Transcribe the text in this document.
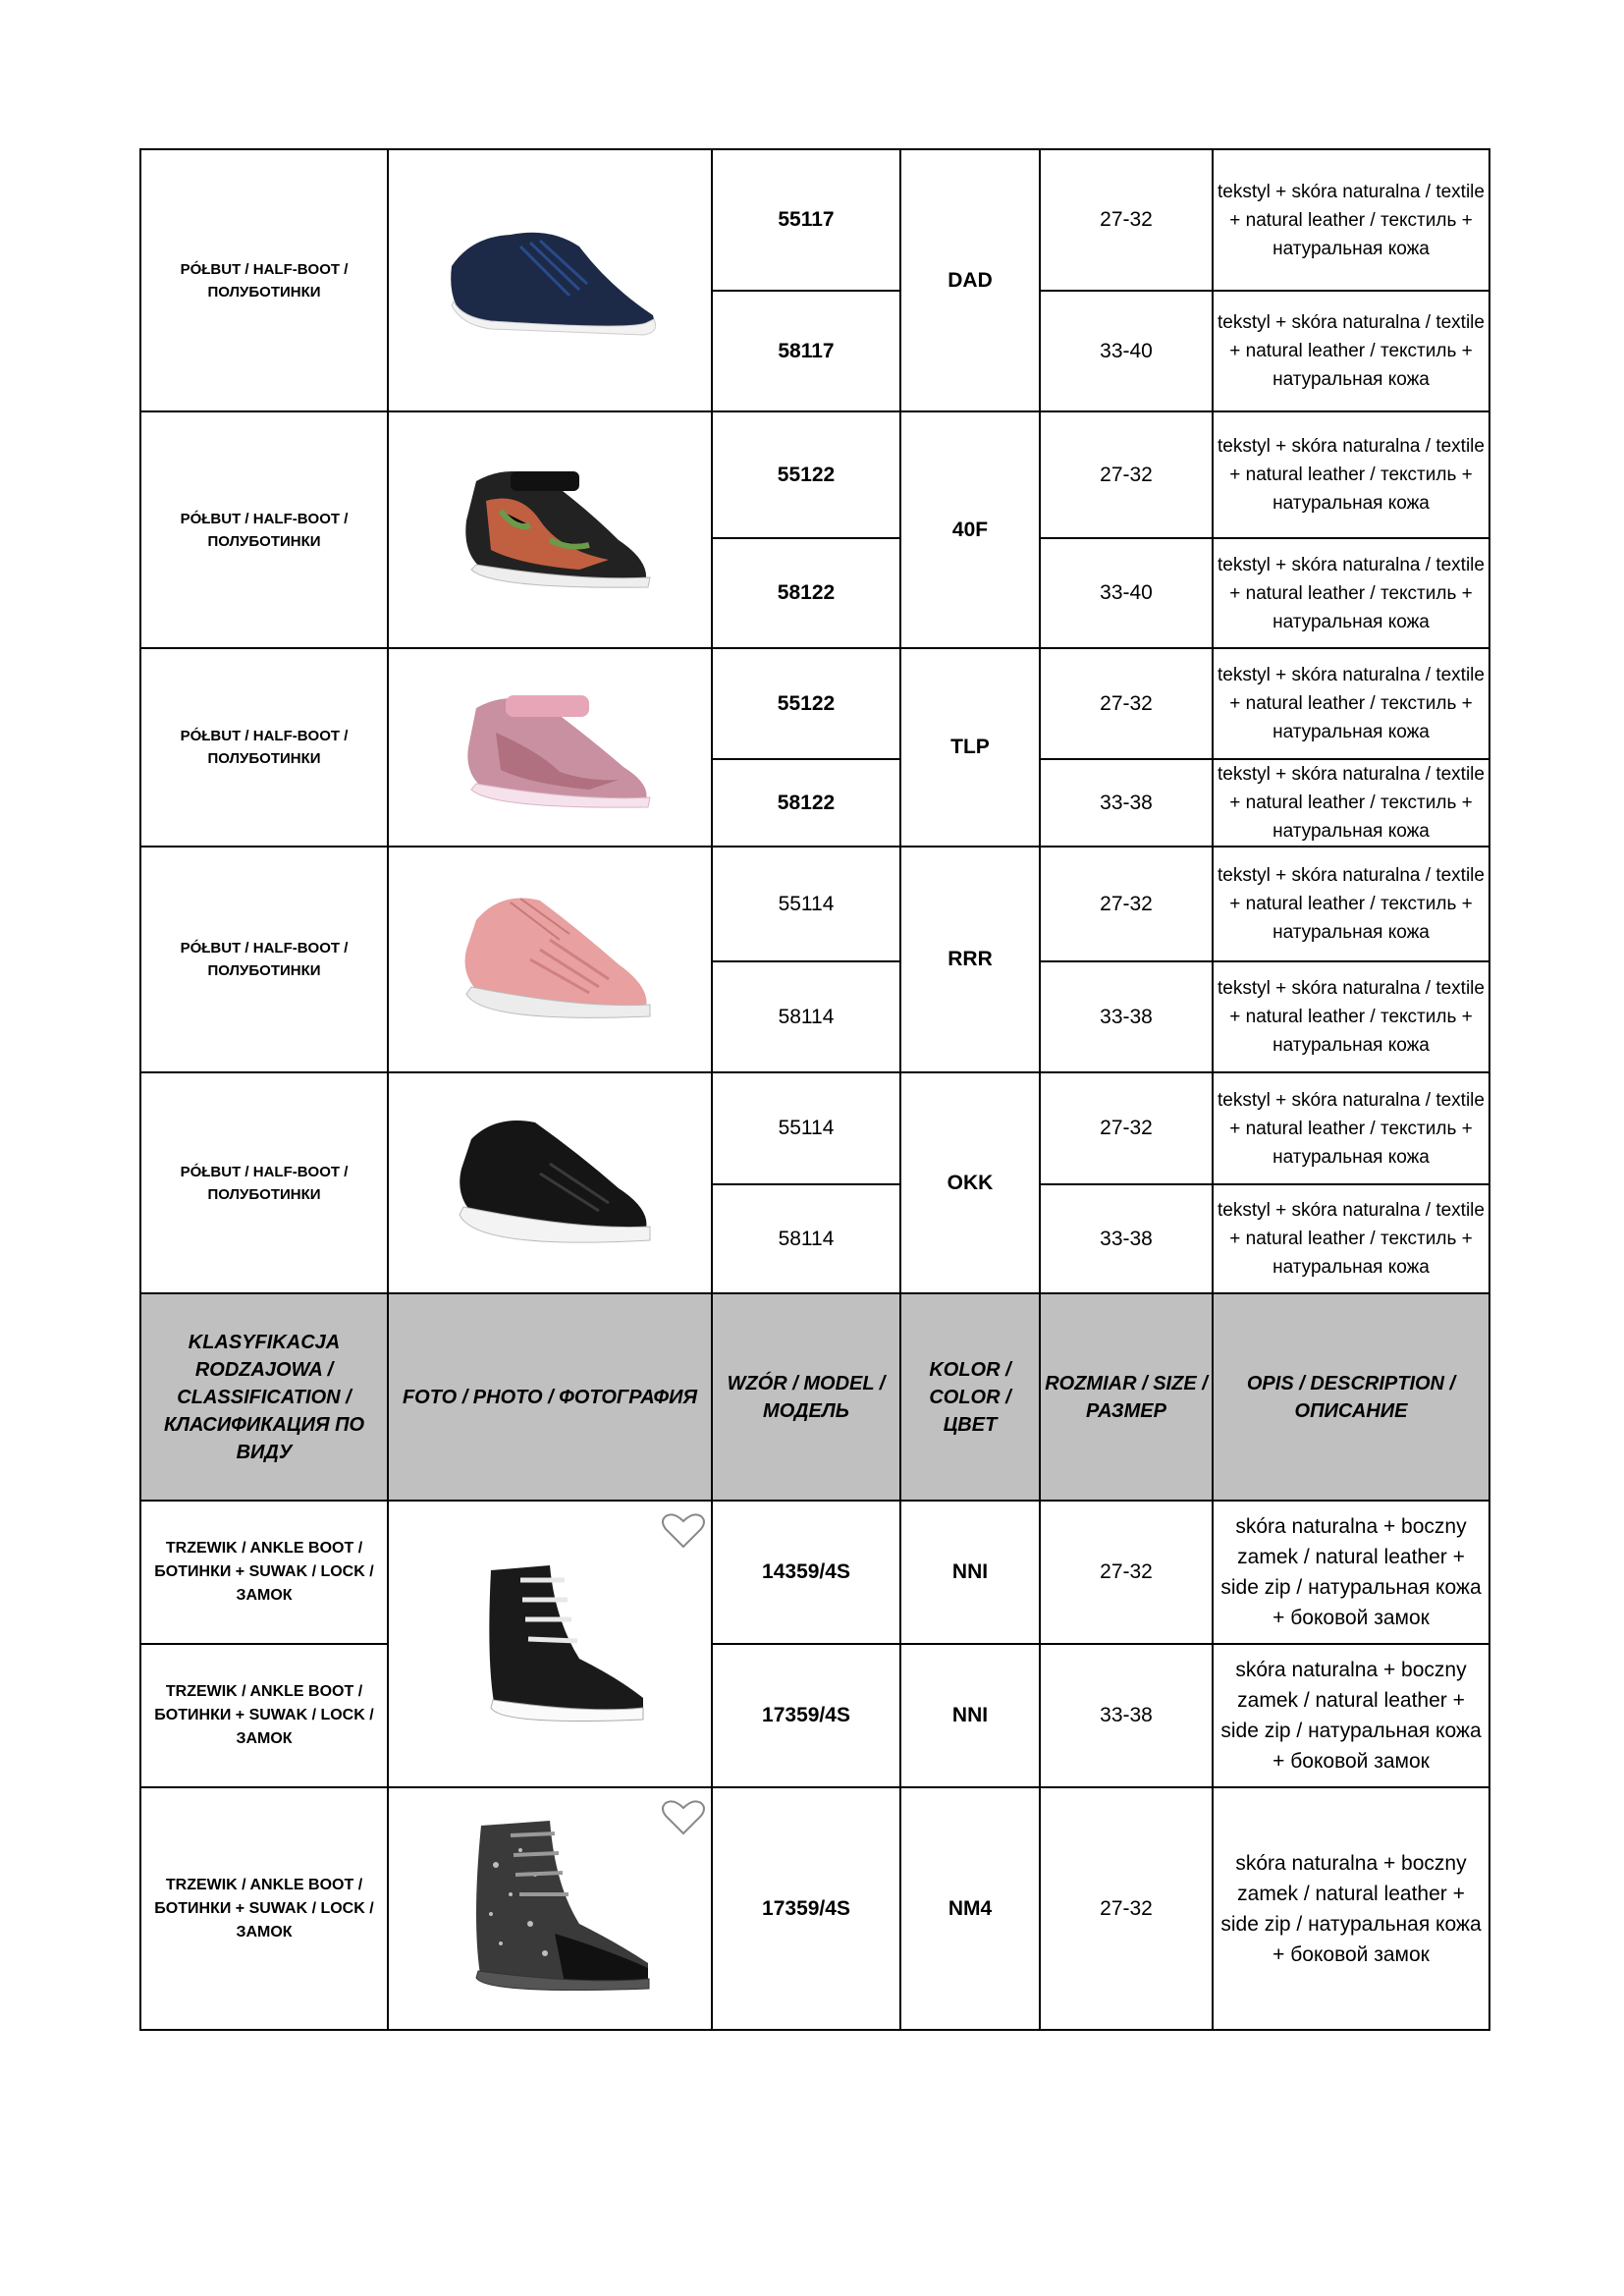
PÓŁBUT / HALF-BOOT / ПОЛУБОТИНКИ		55117	DAD	27-32	tekstyl + skóra naturalna / textile + natural leather / текстиль + натуральная кожа
		58117		33-40	tekstyl + skóra naturalna / textile + natural leather / текстиль + натуральная кожа
PÓŁBUT / HALF-BOOT / ПОЛУБОТИНКИ		55122	40F	27-32	tekstyl + skóra naturalna / textile + natural leather / текстиль + натуральная кожа
		58122		33-40	tekstyl + skóra naturalna / textile + natural leather / текстиль + натуральная кожа
PÓŁBUT / HALF-BOOT / ПОЛУБОТИНКИ		55122	TLP	27-32	tekstyl + skóra naturalna / textile + natural leather / текстиль + натуральная кожа
		58122		33-38	tekstyl + skóra naturalna / textile + natural leather / текстиль + натуральная кожа
PÓŁBUT / HALF-BOOT / ПОЛУБОТИНКИ		55114	RRR	27-32	tekstyl + skóra naturalna / textile + natural leather / текстиль + натуральная кожа
		58114		33-38	tekstyl + skóra naturalna / textile + natural leather / текстиль + натуральная кожа
PÓŁBUT / HALF-BOOT / ПОЛУБОТИНКИ		55114	OKK	27-32	tekstyl + skóra naturalna / textile + natural leather / текстиль + натуральная кожа
		58114		33-38	tekstyl + skóra naturalna / textile + natural leather / текстиль + натуральная кожа
KLASYFIKACJA RODZAJOWA / CLASSIFICATION / КЛАСИФИКАЦИЯ ПО ВИДУ	FOTO / PHOTO / ФОТОГРАФИЯ	WZÓR / MODEL / МОДЕЛЬ	KOLOR / COLOR / ЦВЕТ	ROZMIAR / SIZE / РАЗМЕР	OPIS / DESCRIPTION / ОПИСАНИЕ
TRZEWIK / ANKLE BOOT / БОТИНКИ + SUWAK / LOCK / ЗАМОК		14359/4S	NNI	27-32	skóra naturalna + boczny zamek / natural leather + side zip / натуральная кожа + боковой замок
TRZEWIK / ANKLE BOOT / БОТИНКИ + SUWAK / LOCK / ЗАМОК		17359/4S	NNI	33-38	skóra naturalna + boczny zamek / natural leather + side zip / натуральная кожа + боковой замок
TRZEWIK / ANKLE BOOT / БОТИНКИ + SUWAK / LOCK / ЗАМОК		17359/4S	NM4	27-32	skóra naturalna + boczny zamek / natural leather + side zip / натуральная кожа + боковой замок
